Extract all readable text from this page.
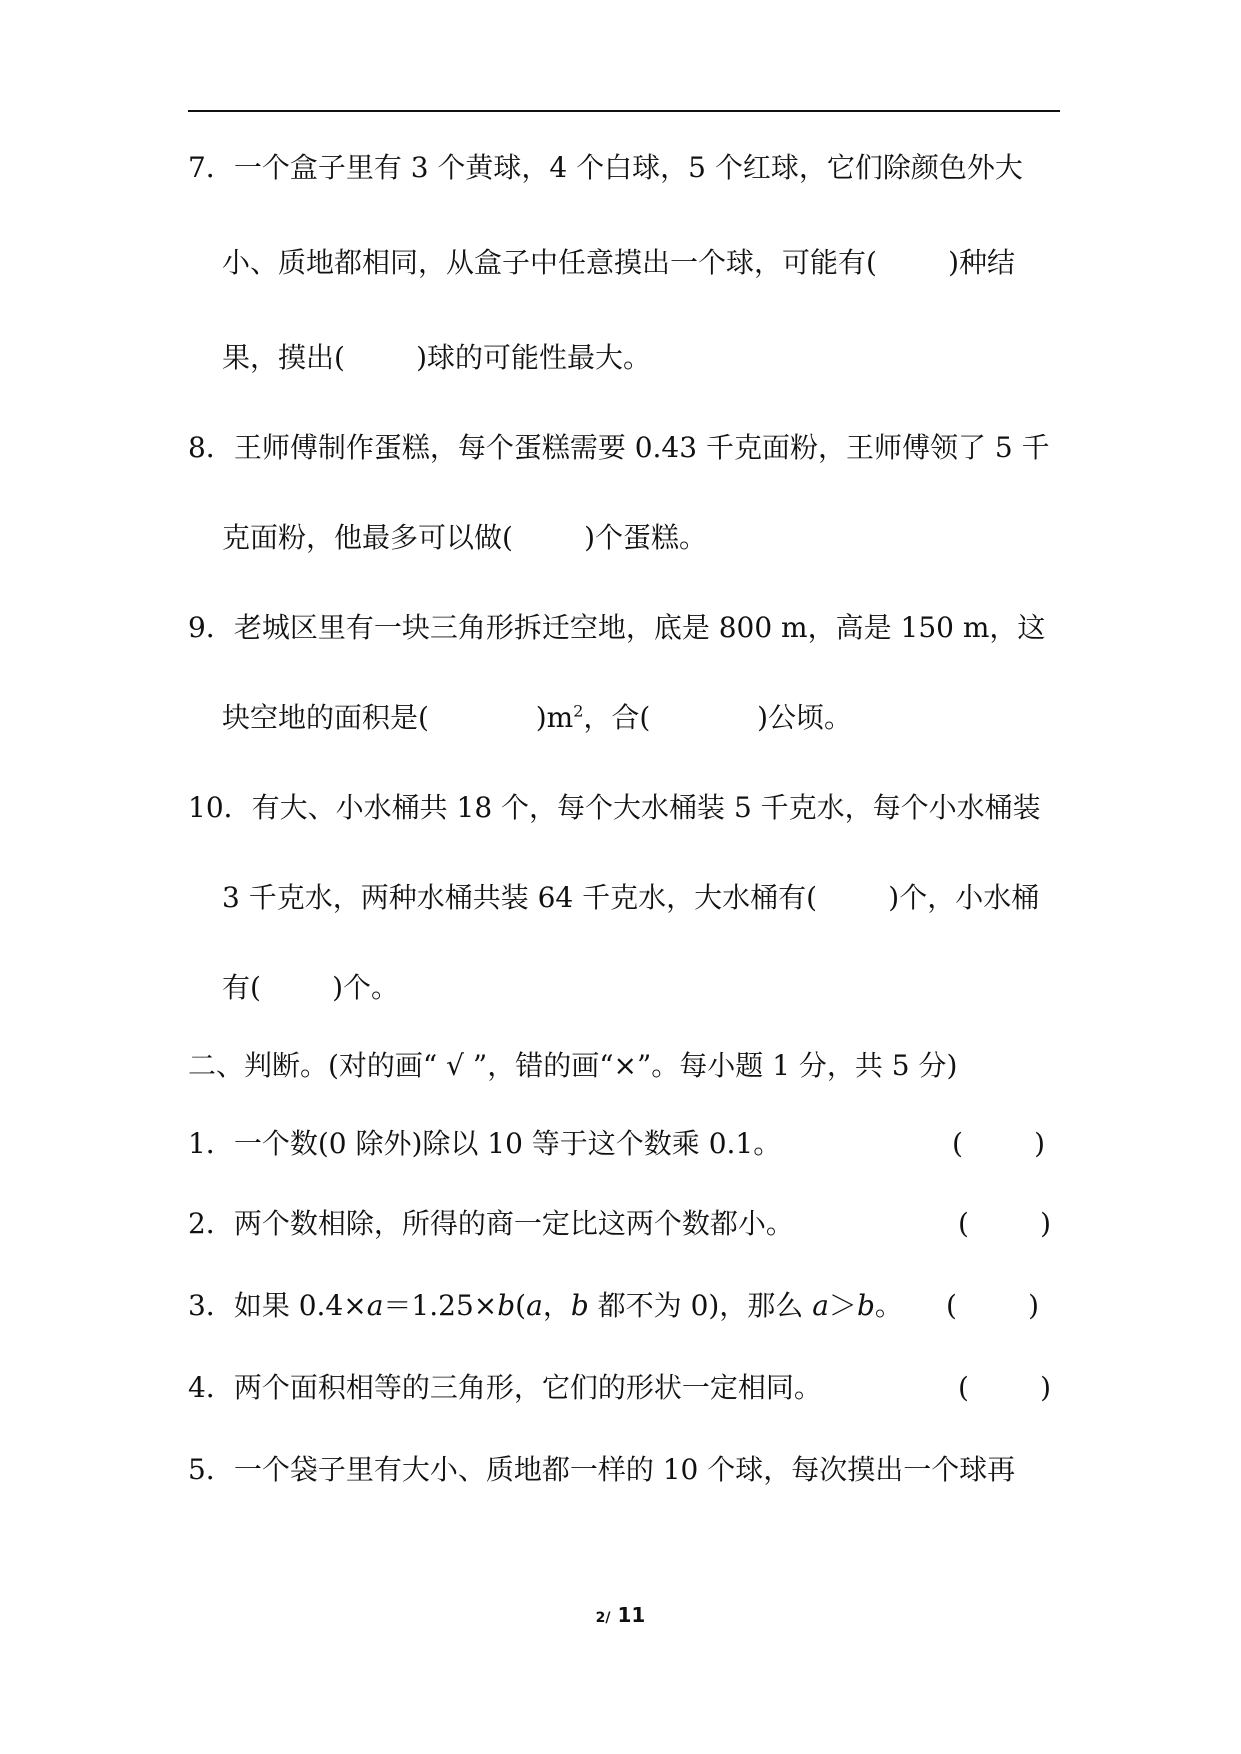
7．一个盒子里有 3 个黄球，4 个白球，5 个红球，它们除颜色外大
小、质地都相同，从盒子中任意摸出一个球，可能有(        )种结
果，摸出(        )球的可能性最大。
8．王师傅制作蛋糕，每个蛋糕需要 0.43 千克面粉，王师傅领了 5 千
克面粉，他最多可以做(        )个蛋糕。
9．老城区里有一块三角形拆迁空地，底是 800 m，高是 150 m，这
块空地的面积是(            )$m^2$，合(            )公顷。
10．有大、小水桶共 18 个，每个大水桶装 5 千克水，每个小水桶装
3 千克水，两种水桶共装 64 千克水，大水桶有(        )个，小水桶
有(        )个。
二、判断。(对的画“ √ ”，错的画“×”。每小题 1 分，共 5 分)
1．一个数(0 除外)除以 10 等于这个数乘 0.1。	(        )
2．两个数相除，所得的商一定比这两个数都小。	(        )
3．如果 0.4×a＝1.25×b(a，b 都不为 0)，那么 a＞b。 (        )
4．两个面积相等的三角形，它们的形状一定相同。	(        )
5．一个袋子里有大小、质地都一样的 10 个球，每次摸出一个球再
2/ 11
